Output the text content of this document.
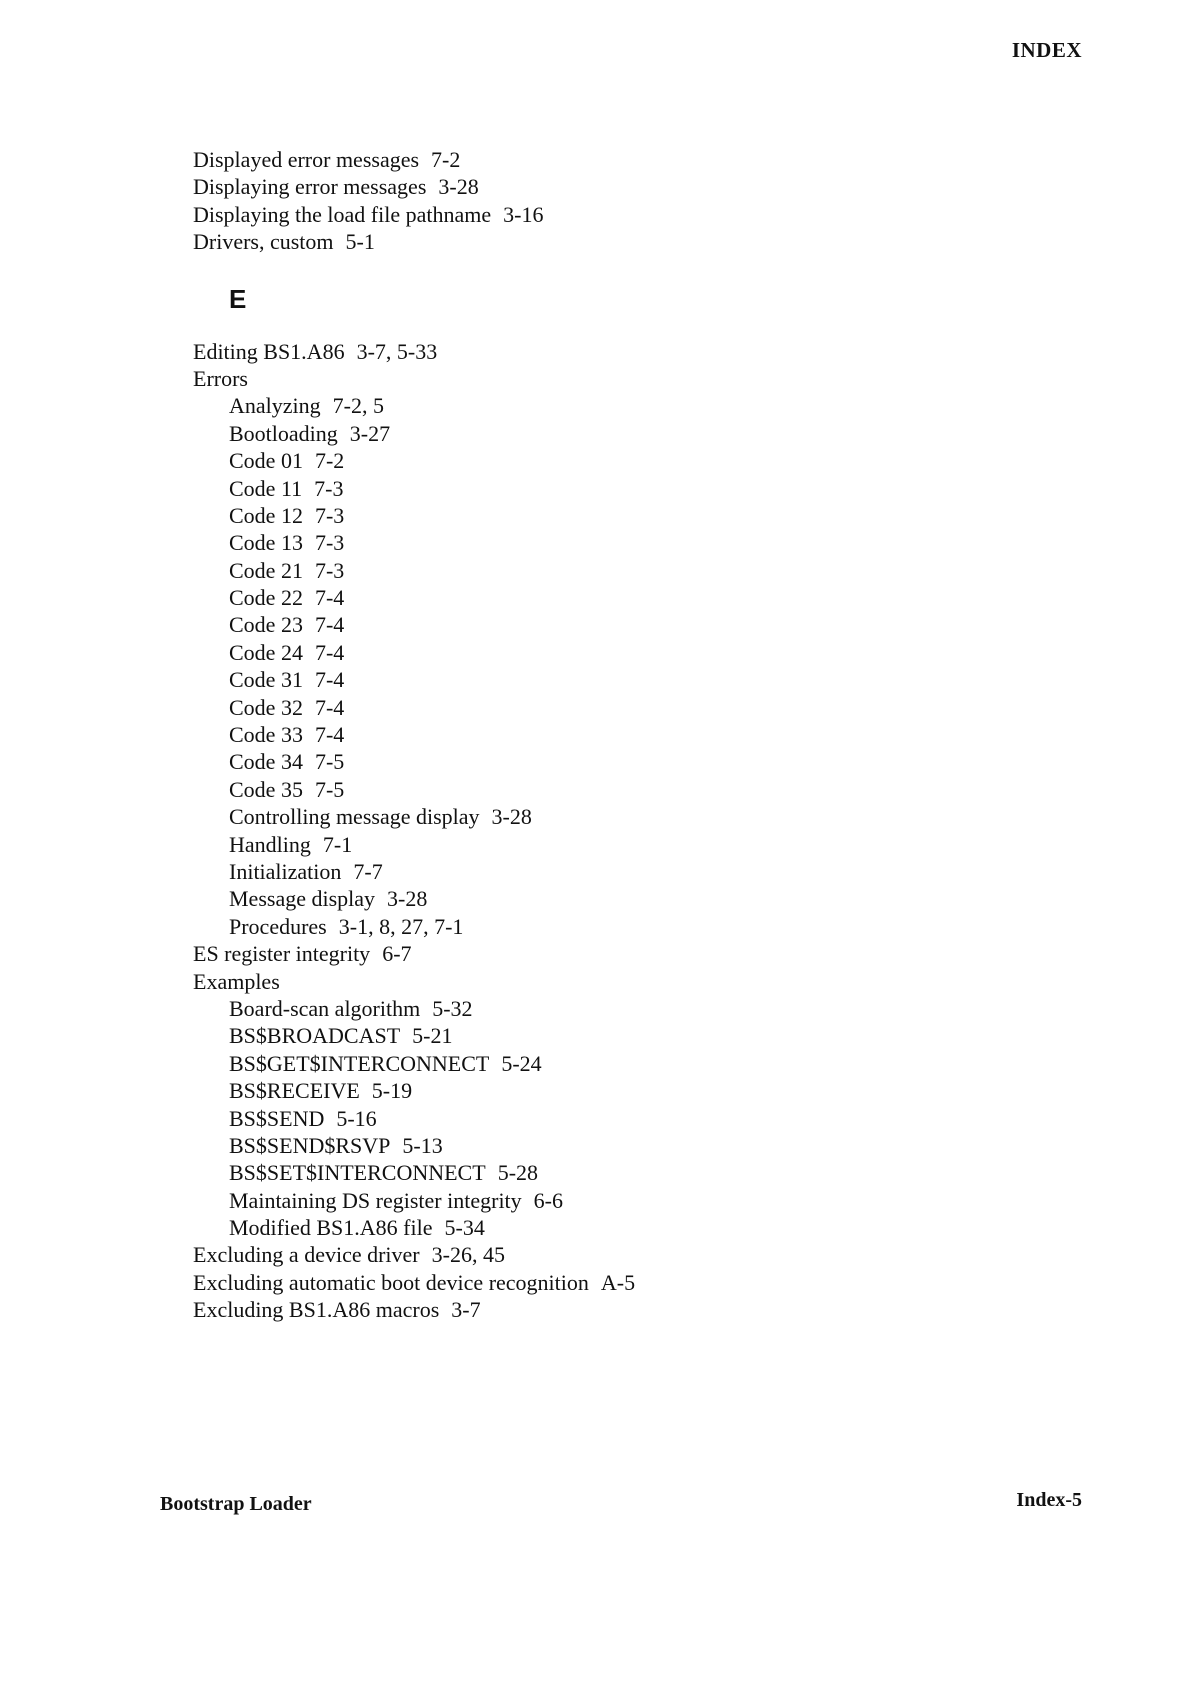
INDEX
Displayed error messages 7-2
Displaying error messages 3-28
Displaying the load file pathname 3-16
Drivers, custom 5-1
E
Editing BS1.A86 3-7, 5-33
Errors
Analyzing 7-2, 5
Bootloading 3-27
Code 01 7-2
Code 11 7-3
Code 12 7-3
Code 13 7-3
Code 21 7-3
Code 22 7-4
Code 23 7-4
Code 24 7-4
Code 31 7-4
Code 32 7-4
Code 33 7-4
Code 34 7-5
Code 35 7-5
Controlling message display 3-28
Handling 7-1
Initialization 7-7
Message display 3-28
Procedures 3-1, 8, 27, 7-1
ES register integrity 6-7
Examples
Board-scan algorithm 5-32
BS$BROADCAST 5-21
BS$GET$INTERCONNECT 5-24
BS$RECEIVE 5-19
BS$SEND 5-16
BS$SEND$RSVP 5-13
BS$SET$INTERCONNECT 5-28
Maintaining DS register integrity 6-6
Modified BS1.A86 file 5-34
Excluding a device driver 3-26, 45
Excluding automatic boot device recognition A-5
Excluding BS1.A86 macros 3-7
Bootstrap Loader	Index-5
